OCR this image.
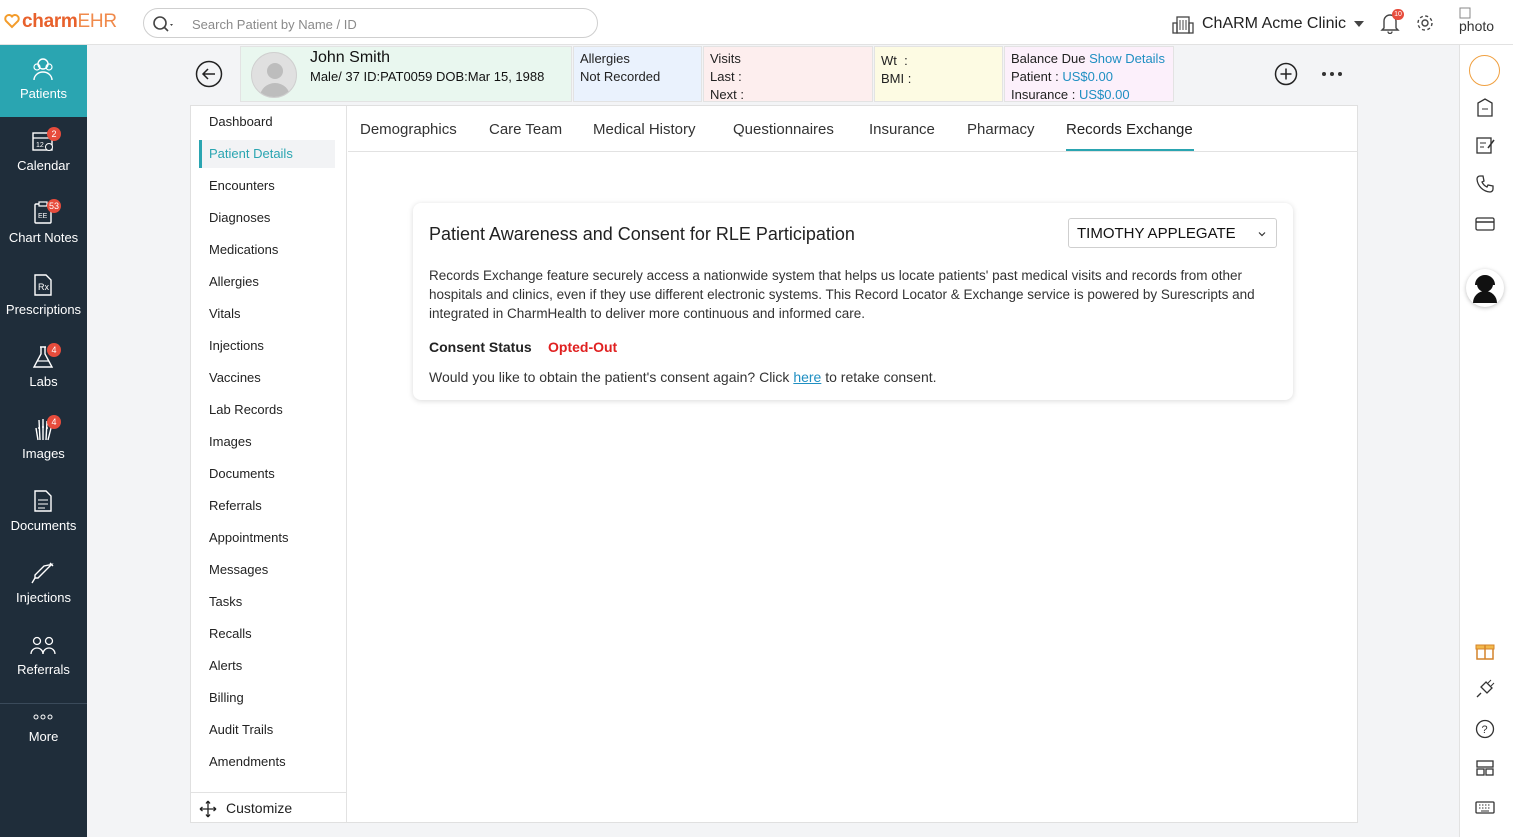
charmEHR
Search Patient by Name / ID	ChARM Acme Clinic
10
photo
Patients
12
2
Calendar
EE
53
Chart Notes
Rx
Prescriptions
4
Labs
4
Images
Documents
Injections
Referrals
More	?
John Smith
Male/ 37 ID:PAT0059 DOB:Mar 15, 1988
Allergies
Not Recorded
Visits
Last :
Next :
Wt  :
BMI :
Balance Due Show Details
Patient : US$0.00
Insurance : US$0.00
Dashboard
Patient Details
Encounters
Diagnoses
Medications
Allergies
Vitals
Injections
Vaccines
Lab Records
Images
Documents
Referrals
Appointments
Messages
Tasks
Recalls
Alerts
Billing
Audit Trails
Amendments
Customize
Demographics Care Team Medical History Questionnaires Insurance Pharmacy Records Exchange
Patient Awareness and Consent for RLE Participation	TIMOTHY APPLEGATE
Records Exchange feature securely access a nationwide system that helps us locate patients' past medical visits and records from other hospitals and clinics, even if they use different electronic systems. This Record Locator & Exchange service is powered by Surescripts and integrated in CharmHealth to deliver more continuous and informed care.
Consent Status Opted-Out
Would you like to obtain the patient's consent again? Click here to retake consent.
